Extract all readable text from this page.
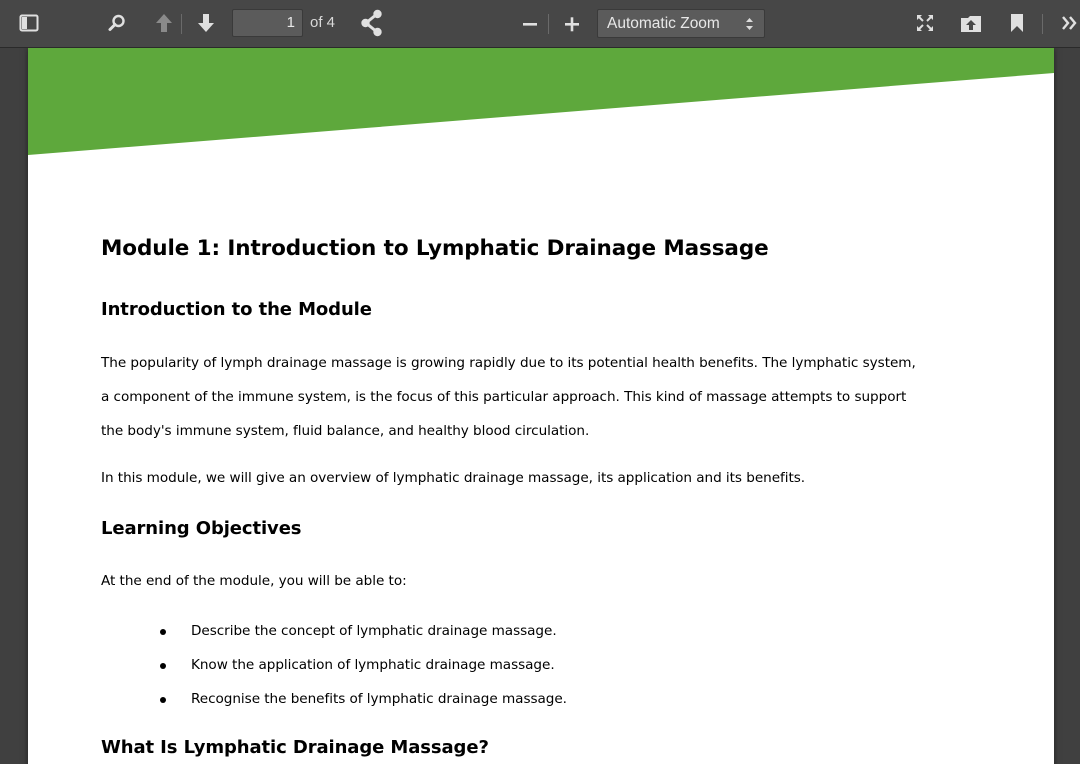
1	of 4	Automatic Zoom
Module 1: Introduction to Lymphatic Drainage Massage
Introduction to the Module
The popularity of lymph drainage massage is growing rapidly due to its potential health benefits. The lymphatic system,
a component of the immune system, is the focus of this particular approach. This kind of massage attempts to support
the body's immune system, fluid balance, and healthy blood circulation.
In this module, we will give an overview of lymphatic drainage massage, its application and its benefits.
Learning Objectives
At the end of the module, you will be able to:
Describe the concept of lymphatic drainage massage.
Know the application of lymphatic drainage massage.
Recognise the benefits of lymphatic drainage massage.
What Is Lymphatic Drainage Massage?
